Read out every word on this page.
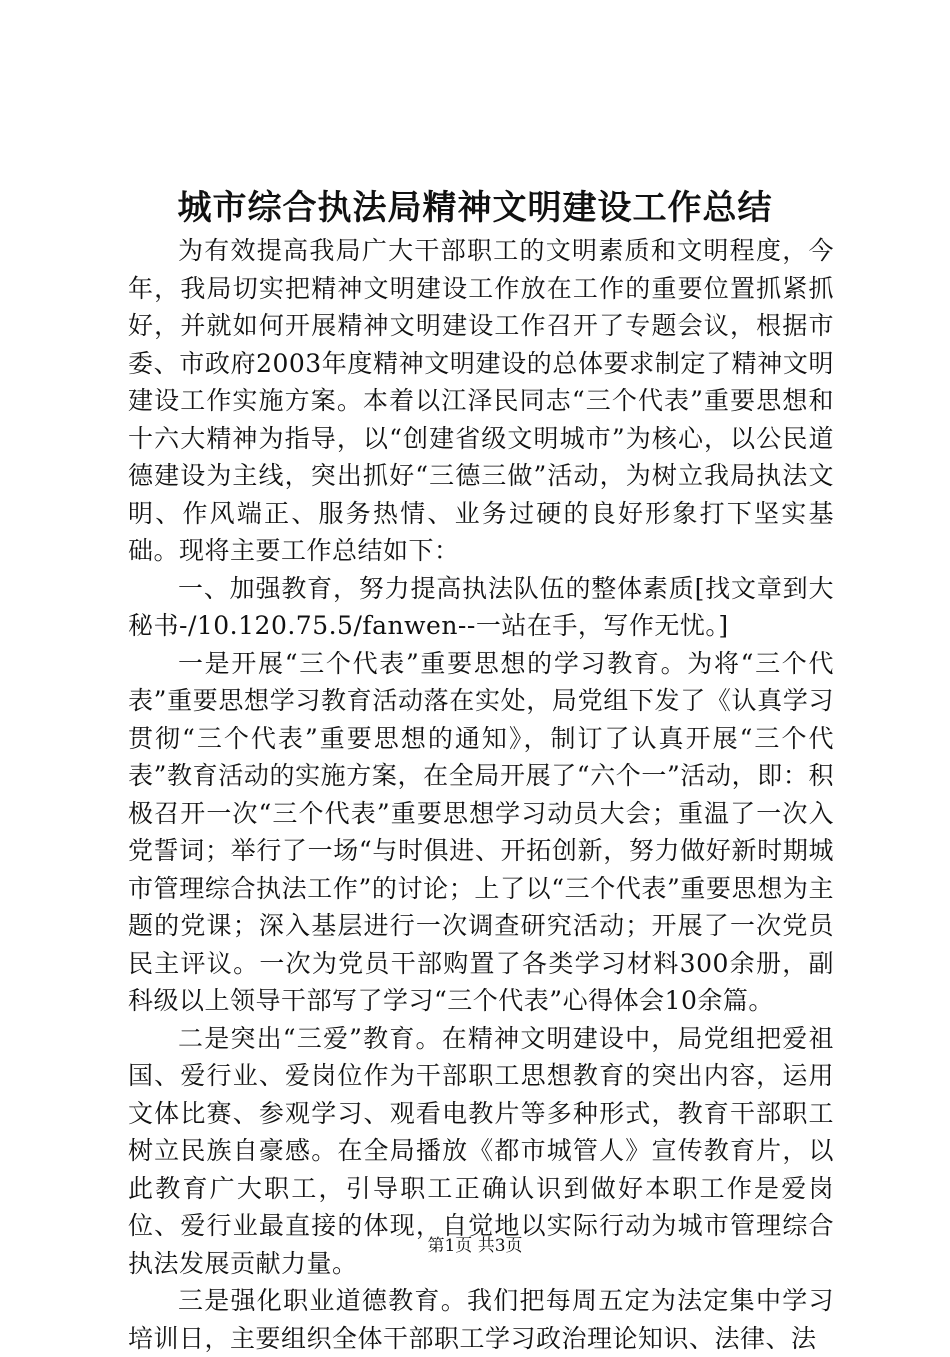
城市综合执法局精神文明建设工作总结

为有效提高我局广大干部职工的文明素质和文明程度，今年，我局切实把精神文明建设工作放在工作的重要位置抓紧抓好，并就如何开展精神文明建设工作召开了专题会议，根据市委、市政府2003年度精神文明建设的总体要求制定了精神文明建设工作实施方案。本着以江泽民同志“三个代表”重要思想和十六大精神为指导，以“创建省级文明城市”为核心，以公民道德建设为主线，突出抓好“三德三做”活动，为树立我局执法文明、作风端正、服务热情、业务过硬的良好形象打下坚实基础。现将主要工作总结如下：

一、加强教育，努力提高执法队伍的整体素质[找文章到大秘书-/10.120.75.5/fanwen--一站在手，写作无忧。]

一是开展“三个代表”重要思想的学习教育。为将“三个代表”重要思想学习教育活动落在实处，局党组下发了《认真学习贯彻“三个代表”重要思想的通知》，制订了认真开展“三个代表”教育活动的实施方案，在全局开展了“六个一”活动，即：积极召开一次“三个代表”重要思想学习动员大会；重温了一次入党誓词；举行了一场“与时俱进、开拓创新，努力做好新时期城市管理综合执法工作”的讨论；上了以“三个代表”重要思想为主题的党课；深入基层进行一次调查研究活动；开展了一次党员民主评议。一次为党员干部购置了各类学习材料300余册，副科级以上领导干部写了学习“三个代表”心得体会10余篇。

二是突出“三爱”教育。在精神文明建设中，局党组把爱祖国、爱行业、爱岗位作为干部职工思想教育的突出内容，运用文体比赛、参观学习、观看电教片等多种形式，教育干部职工树立民族自豪感。在全局播放《都市城管人》宣传教育片，以此教育广大职工，引导职工正确认识到做好本职工作是爱岗位、爱行业最直接的体现，自觉地以实际行动为城市管理综合执法发展贡献力量。

三是强化职业道德教育。我们把每周五定为法定集中学习培训日，主要组织全体干部职工学习政治理论知识、法律、法

第1页 共3页
